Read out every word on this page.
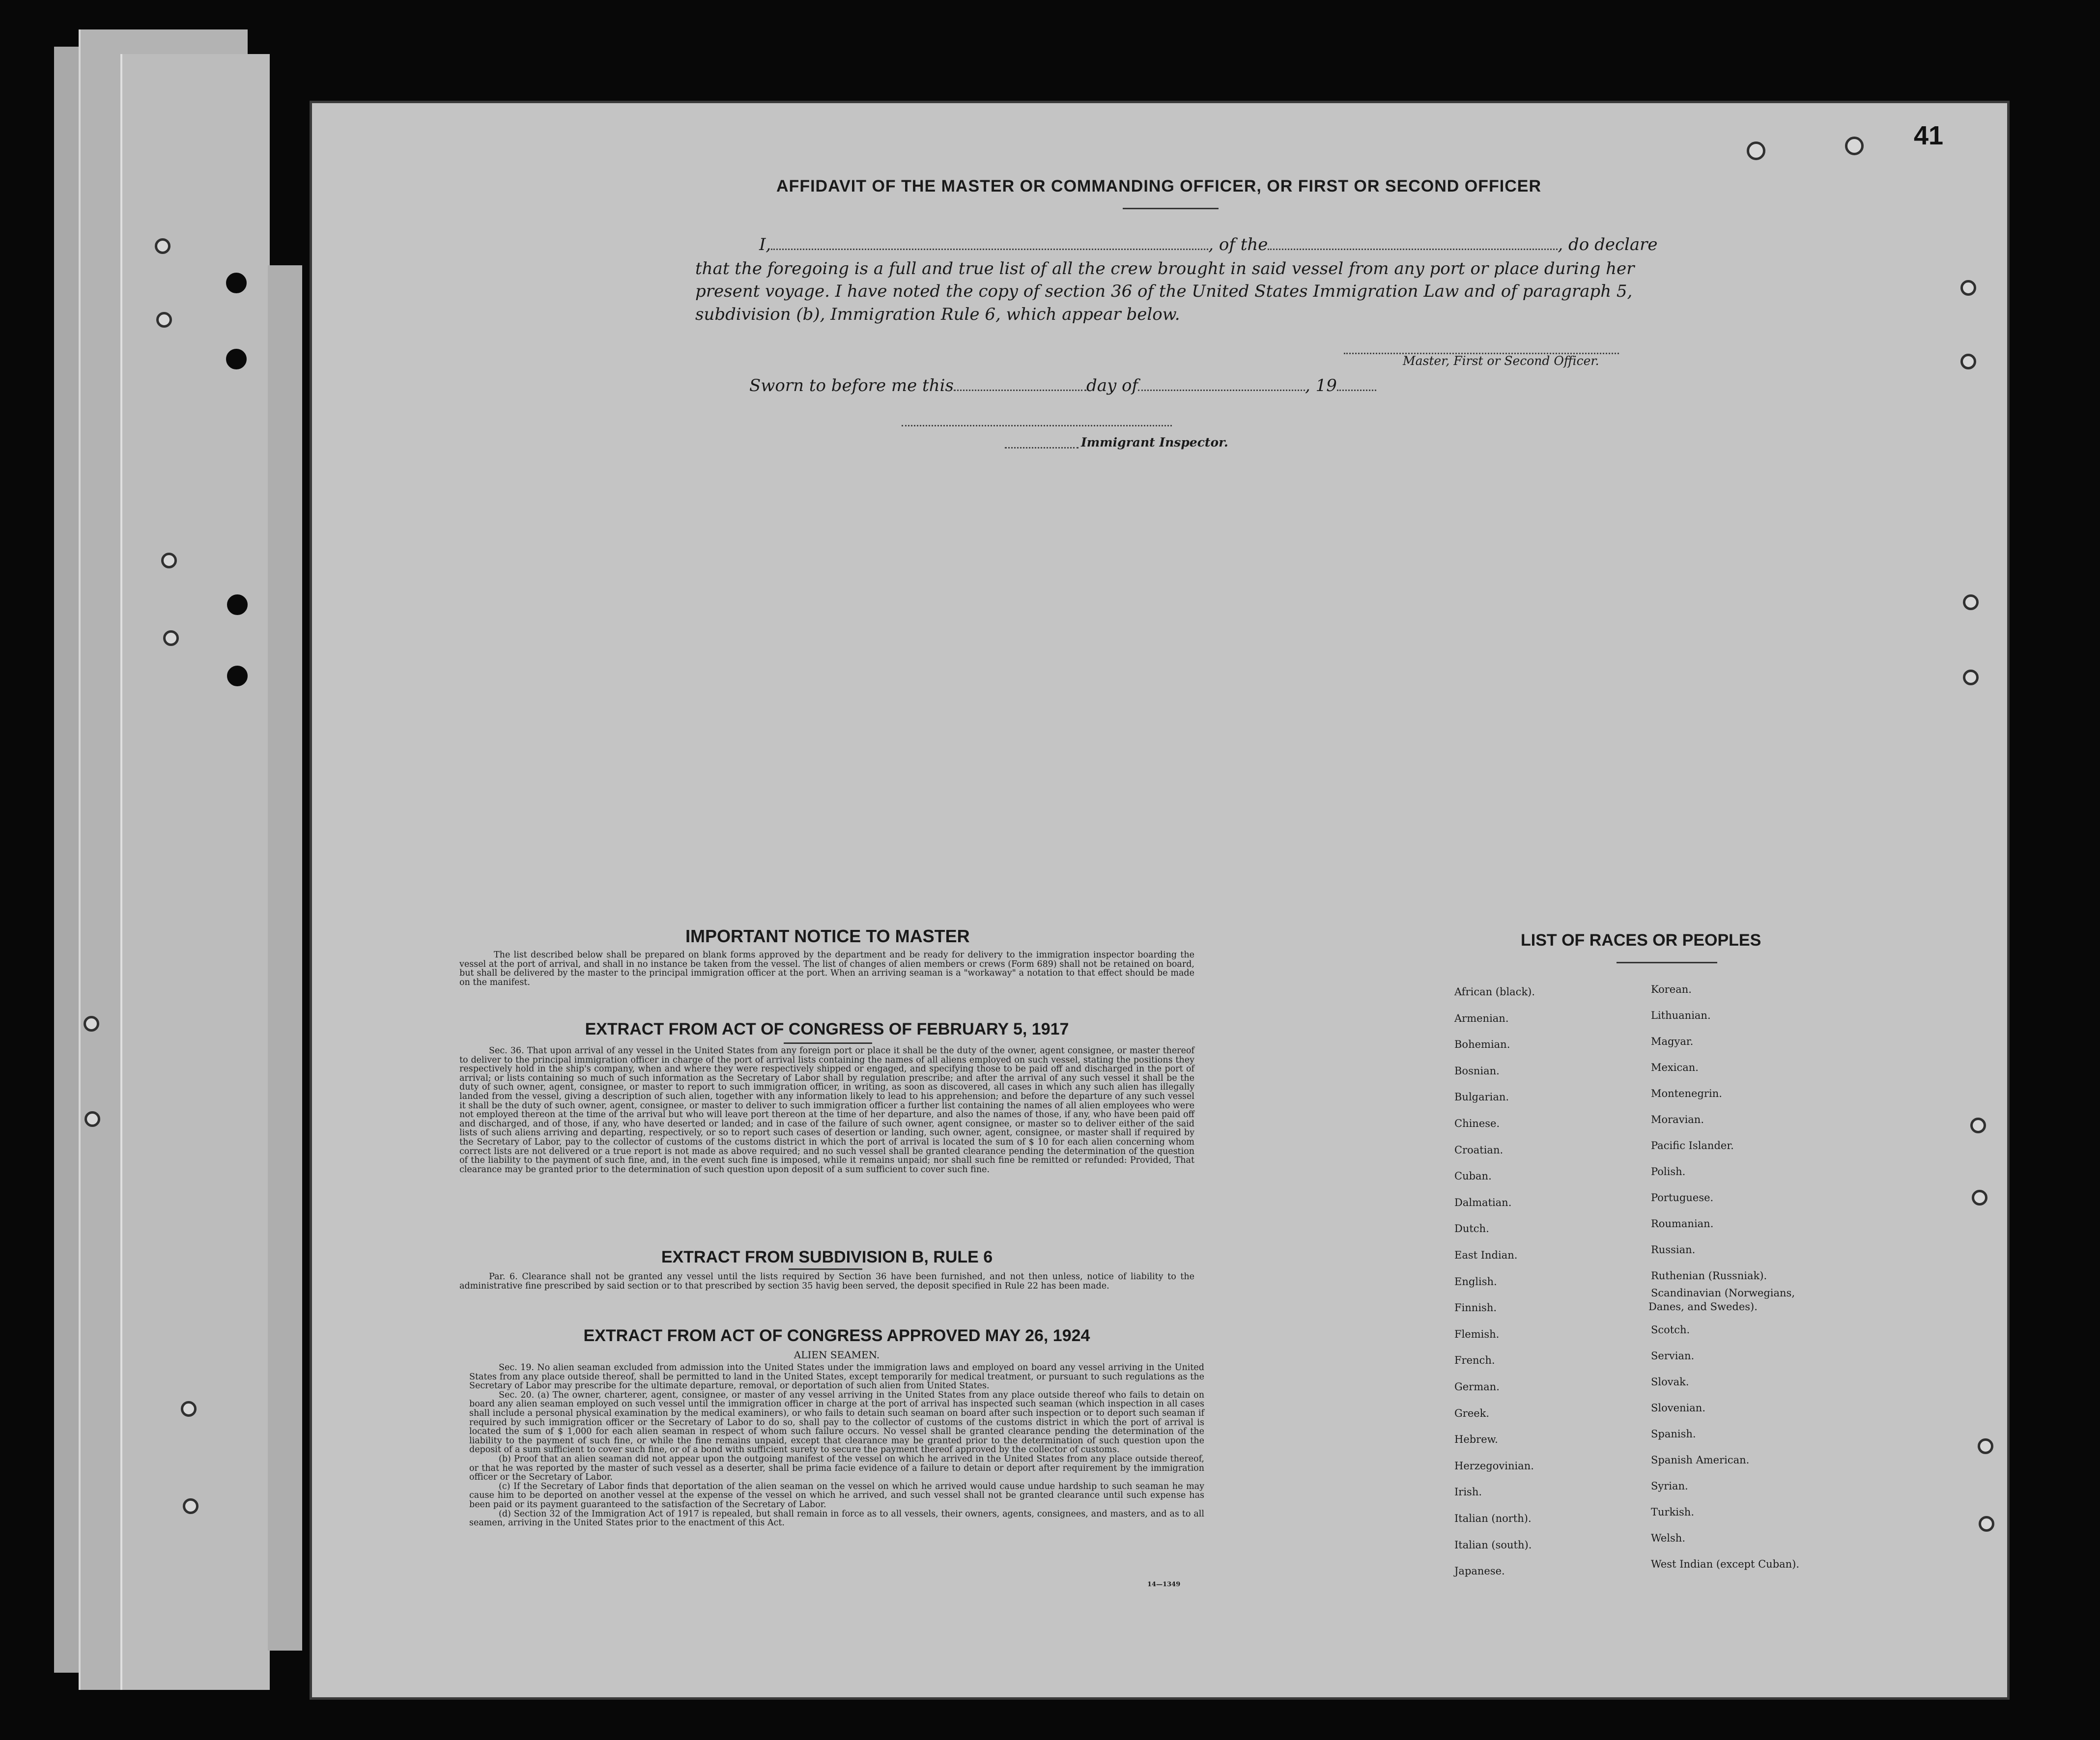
41
AFFIDAVIT OF THE MASTER OR COMMANDING OFFICER, OR FIRST OR SECOND OFFICER
I,	, of the	, do declare
that the foregoing is a full and true list of all the crew brought in said vessel from any port or place during her
present voyage. I have noted the copy of section 36 of the United States Immigration Law and of paragraph 5,
subdivision (b), Immigration Rule 6, which appear below.
Master, First or Second Officer.
Sworn to before me this	day of	, 19
Immigrant Inspector.
IMPORTANT NOTICE TO MASTER
The list described below shall be prepared on blank forms approved by the department and be ready for delivery to the immigration inspector boarding the vessel at the port of arrival, and shall in no instance be taken from the vessel. The list of changes of alien members or crews (Form 689) shall not be retained on board, but shall be delivered by the master to the principal immigration officer at the port. When an arriving seaman is a "workaway" a notation to that effect should be made on the manifest.
EXTRACT FROM ACT OF CONGRESS OF FEBRUARY 5, 1917
Sec. 36. That upon arrival of any vessel in the United States from any foreign port or place it shall be the duty of the owner, agent consignee, or master thereof to deliver to the principal immigration officer in charge of the port of arrival lists containing the names of all aliens employed on such vessel, stating the positions they respectively hold in the ship's company, when and where they were respectively shipped or engaged, and specifying those to be paid off and discharged in the port of arrival; or lists containing so much of such information as the Secretary of Labor shall by regulation prescribe; and after the arrival of any such vessel it shall be the duty of such owner, agent, consignee, or master to report to such immigration officer, in writing, as soon as discovered, all cases in which any such alien has illegally landed from the vessel, giving a description of such alien, together with any information likely to lead to his apprehension; and before the departure of any such vessel it shall be the duty of such owner, agent, consignee, or master to deliver to such immigration officer a further list containing the names of all alien employees who were not employed thereon at the time of the arrival but who will leave port thereon at the time of her departure, and also the names of those, if any, who have been paid off and discharged, and of those, if any, who have deserted or landed; and in case of the failure of such owner, agent consignee, or master so to deliver either of the said lists of such aliens arriving and departing, respectively, or so to report such cases of desertion or landing, such owner, agent, consignee, or master shall if required by the Secretary of Labor, pay to the collector of customs of the customs district in which the port of arrival is located the sum of $ 10 for each alien concerning whom correct lists are not delivered or a true report is not made as above required; and no such vessel shall be granted clearance pending the determination of the question of the liability to the payment of such fine, and, in the event such fine is imposed, while it remains unpaid; nor shall such fine be remitted or refunded: Provided, That clearance may be granted prior to the determination of such question upon deposit of a sum sufficient to cover such fine.
EXTRACT FROM SUBDIVISION B, RULE 6
Par. 6. Clearance shall not be granted any vessel until the lists required by Section 36 have been furnished, and not then unless, notice of liability to the administrative fine prescribed by said section or to that prescribed by section 35 havig been served, the deposit specified in Rule 22 has been made.
EXTRACT FROM ACT OF CONGRESS APPROVED MAY 26, 1924
ALIEN SEAMEN.
Sec. 19. No alien seaman excluded from admission into the United States under the immigration laws and employed on board any vessel arriving in the United States from any place outside thereof, shall be permitted to land in the United States, except temporarily for medical treatment, or pursuant to such regulations as the Secretary of Labor may prescribe for the ultimate departure, removal, or deportation of such alien from United States.
Sec. 20. (a) The owner, charterer, agent, consignee, or master of any vessel arriving in the United States from any place outside thereof who fails to detain on board any alien seaman employed on such vessel until the immigration officer in charge at the port of arrival has inspected such seaman (which inspection in all cases shall include a personal physical examination by the medical examiners), or who fails to detain such seaman on board after such inspection or to deport such seaman if required by such immigration officer or the Secretary of Labor to do so, shall pay to the collector of customs of the customs district in which the port of arrival is located the sum of $ 1,000 for each alien seaman in respect of whom such failure occurs. No vessel shall be granted clearance pending the determination of the liability to the payment of such fine, or while the fine remains unpaid, except that clearance may be granted prior to the determination of such question upon the deposit of a sum sufficient to cover such fine, or of a bond with sufficient surety to secure the payment thereof approved by the collector of customs.
(b) Proof that an alien seaman did not appear upon the outgoing manifest of the vessel on which he arrived in the United States from any place outside thereof, or that he was reported by the master of such vessel as a deserter, shall be prima facie evidence of a failure to detain or deport after requirement by the immigration officer or the Secretary of Labor.
(c) If the Secretary of Labor finds that deportation of the alien seaman on the vessel on which he arrived would cause undue hardship to such seaman he may cause him to be deported on another vessel at the expense of the vessel on which he arrived, and such vessel shall not be granted clearance until such expense has been paid or its payment guaranteed to the satisfaction of the Secretary of Labor.
(d) Section 32 of the Immigration Act of 1917 is repealed, but shall remain in force as to all vessels, their owners, agents, consignees, and masters, and as to all seamen, arriving in the United States prior to the enactment of this Act.
14—1349
LIST OF RACES OR PEOPLES
African (black).
Armenian.
Bohemian.
Bosnian.
Bulgarian.
Chinese.
Croatian.
Cuban.
Dalmatian.
Dutch.
East Indian.
English.
Finnish.
Flemish.
French.
German.
Greek.
Hebrew.
Herzegovinian.
Irish.
Italian (north).
Italian (south).
Japanese.
Korean.
Lithuanian.
Magyar.
Mexican.
Montenegrin.
Moravian.
Pacific Islander.
Polish.
Portuguese.
Roumanian.
Russian.
Ruthenian (Russniak).
Scandinavian (Norwegians,
Danes, and Swedes).
Scotch.
Servian.
Slovak.
Slovenian.
Spanish.
Spanish American.
Syrian.
Turkish.
Welsh.
West Indian (except Cuban).
